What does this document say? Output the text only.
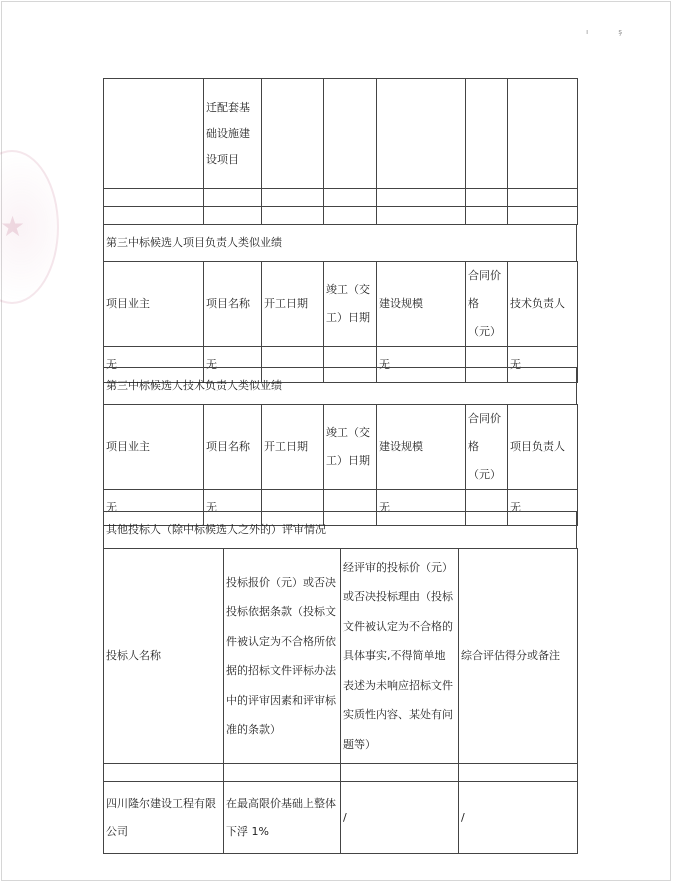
ı ş
★
	迁配套基础设施建设项目					

第三中标候选人项目负责人类似业绩
项目业主	项目名称	开工日期	竣工（交工）日期	建设规模	合同价格（元）	技术负责人
无	无			无		无
第三中标候选人技术负责人类似业绩
项目业主	项目名称	开工日期	竣工（交工）日期	建设规模	合同价格（元）	项目负责人
无	无			无		无
其他投标人（除中标候选人之外的）评审情况
投标人名称	投标报价（元）或否决投标依据条款（投标文件被认定为不合格所依据的招标文件评标办法中的评审因素和评审标准的条款）	经评审的投标价（元）或否决投标理由（投标文件被认定为不合格的具体事实,不得简单地表述为未响应招标文件实质性内容、某处有问题等）	综合评估得分或备注

四川隆尔建设工程有限公司	在最高限价基础上整体下浮 1%	/	/
